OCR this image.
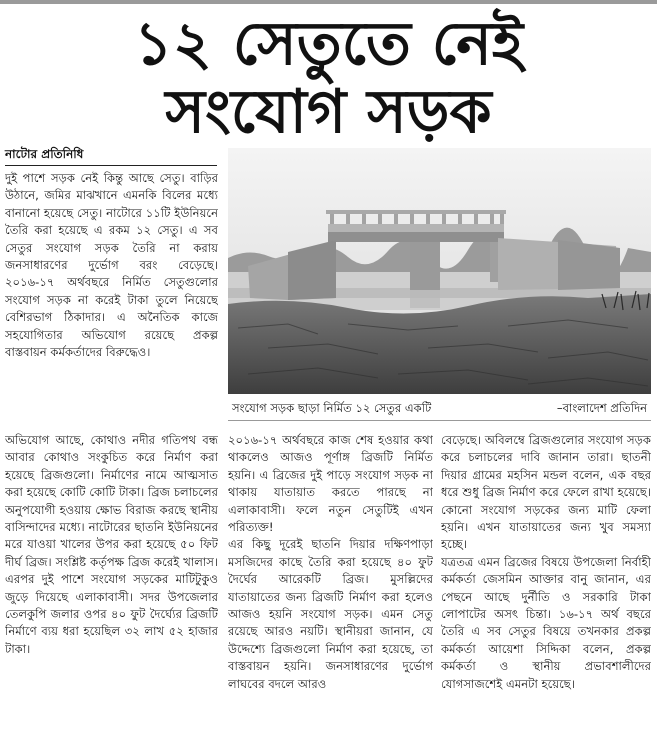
১২ সেতুতে নেই
সংযোগ সড়ক
নাটোর প্রতিনিধি

দুই পাশে সড়ক নেই কিন্তু আছে সেতু। বাড়ির উঠানে, জমির মাঝখানে এমনকি বিলের মধ্যে বানানো হয়েছে সেতু। নাটোরে ১১টি ইউনিয়নে তৈরি করা হয়েছে এ রকম ১২ সেতু। এ সব সেতুর সংযোগ সড়ক তৈরি না করায় জনসাধারণের দুর্ভোগ বরং বেড়েছে। ২০১৬-১৭ অর্থবছরে নির্মিত সেতুগুলোর সংযোগ সড়ক না করেই টাকা তুলে নিয়েছে বেশিরভাগ ঠিকাদার। এ অনৈতিক কাজে সহযোগিতার অভিযোগ রয়েছে প্রকল্প বাস্তবায়ন কর্মকর্তাদের বিরুদ্ধেও।

সংযোগ সড়ক ছাড়া নির্মিত ১২ সেতুর একটি	–বাংলাদেশ প্রতিদিন

অভিযোগ আছে, কোথাও নদীর গতিপথ বন্ধ আবার কোথাও সংকুচিত করে নির্মাণ করা হয়েছে ব্রিজগুলো। নির্মাণের নামে আত্মসাত করা হয়েছে কোটি কোটি টাকা। ব্রিজ চলাচলের অনুপযোগী হওয়ায় ক্ষোভ বিরাজ করছে স্থানীয় বাসিন্দাদের মধ্যে। নাটোরের ছাতনি ইউনিয়নের মরে যাওয়া খালের উপর করা হয়েছে ৫০ ফিট দীর্ঘ ব্রিজ। সংশ্লিষ্ট কর্তৃপক্ষ ব্রিজ করেই খালাস। এরপর দুই পাশে সংযোগ সড়কের মাটিটুকুও জুড়ে দিয়েছে এলাকাবাসী। সদর উপজেলার তেলকুপি জলার ওপর ৪০ ফুট দৈর্ঘ্যের ব্রিজটি নির্মাণে ব্যয় ধরা হয়েছিল ৩২ লাখ ৫২ হাজার টাকা।

২০১৬-১৭ অর্থবছরে কাজ শেষ হওয়ার কথা থাকলেও আজও পূর্ণাঙ্গ ব্রিজটি নির্মিত হয়নি। এ ব্রিজের দুই পাড়ে সংযোগ সড়ক না থাকায় যাতায়াত করতে পারছে না এলাকাবাসী। ফলে নতুন সেতুটিই এখন পরিত্যক্ত!

এর কিছু দূরেই ছাতনি দিয়ার দক্ষিণপাড়া মসজিদের কাছে তৈরি করা হয়েছে ৪০ ফুট দৈর্ঘের আরেকটি ব্রিজ। মুসল্লিদের যাতায়াতের জন্য ব্রিজটি নির্মাণ করা হলেও আজও হয়নি সংযোগ সড়ক। এমন সেতু রয়েছে আরও নয়টি। স্থানীয়রা জানান, যে উদ্দেশ্যে ব্রিজগুলো নির্মাণ করা হয়েছে, তা বাস্তবায়ন হয়নি। জনসাধারণের দুর্ভোগ লাঘবের বদলে আরও

বেড়েছে। অবিলম্বে ব্রিজগুলোর সংযোগ সড়ক করে চলাচলের দাবি জানান তারা। ছাতনী দিয়ার গ্রামের মহসিন মন্ডল বলেন, এক বছর ধরে শুধু ব্রিজ নির্মাণ করে ফেলে রাখা হয়েছে। কোনো সংযোগ সড়কের জন্য মাটি ফেলা হয়নি। এখন যাতায়াতের জন্য খুব সমস্যা হচ্ছে।

যত্রতত্র এমন ব্রিজের বিষয়ে উপজেলা নির্বাহী কর্মকর্তা জেসমিন আক্তার বানু জানান, এর পেছনে আছে দুর্নীতি ও সরকারি টাকা লোপাটের অসৎ চিন্তা। ১৬-১৭ অর্থ বছরে তৈরি এ সব সেতুর বিষয়ে তখনকার প্রকল্প কর্মকর্তা আয়েশা সিদ্দিকা বলেন, প্রকল্প কর্মকর্তা ও স্থানীয় প্রভাবশালীদের যোগসাজশেই এমনটা হয়েছে।
